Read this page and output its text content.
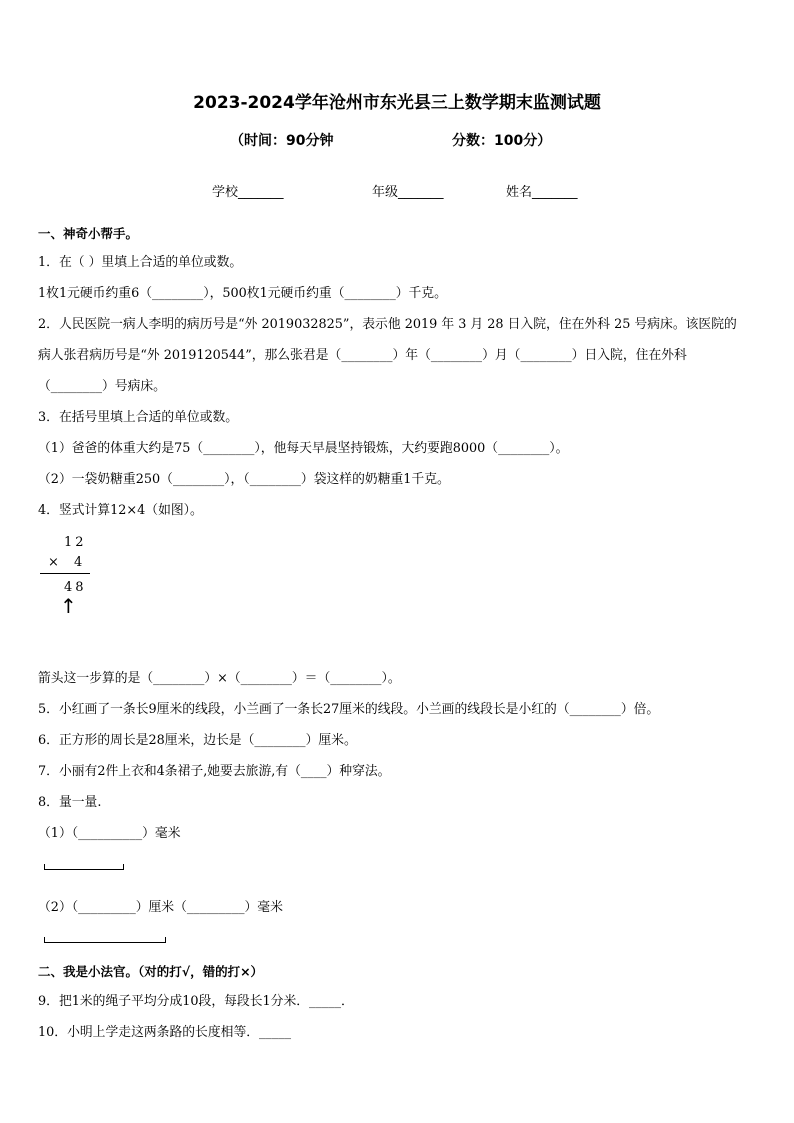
2023-2024学年沧州市东光县三上数学期末监测试题
（时间：90分钟	分数：100分）
学校_______	年级_______	姓名_______
一、神奇小帮手。
1．在（ ）里填上合适的单位或数。
1枚1元硬币约重6（________），500枚1元硬币约重（________）千克。
2．人民医院一病人李明的病历号是“外 2019032825”，表示他 2019 年 3 月 28 日入院，住在外科 25 号病床。该医院的
病人张君病历号是“外 2019120544”，那么张君是（________）年（________）月（________）日入院，住在外科
（________）号病床。
3．在括号里填上合适的单位或数。
（1）爸爸的体重大约是75（________），他每天早晨坚持锻炼，大约要跑8000（________）。
（2）一袋奶糖重250（________），（________）袋这样的奶糖重1千克。
4．竖式计算12×4（如图）。
12
× 4
48
↑
箭头这一步算的是（________）×（________）＝（________）。
5．小红画了一条长9厘米的线段，小兰画了一条长27厘米的线段。小兰画的线段长是小红的（________）倍。
6．正方形的周长是28厘米，边长是（________）厘米。
7．小丽有2件上衣和4条裙子,她要去旅游,有（____）种穿法。
8．量一量.
（1）（__________）毫米
（2）（_________）厘米（_________）毫米
二、我是小法官。（对的打√，错的打×）
9．把1米的绳子平均分成10段，每段长1分米．_____．
10．小明上学走这两条路的长度相等．_____
